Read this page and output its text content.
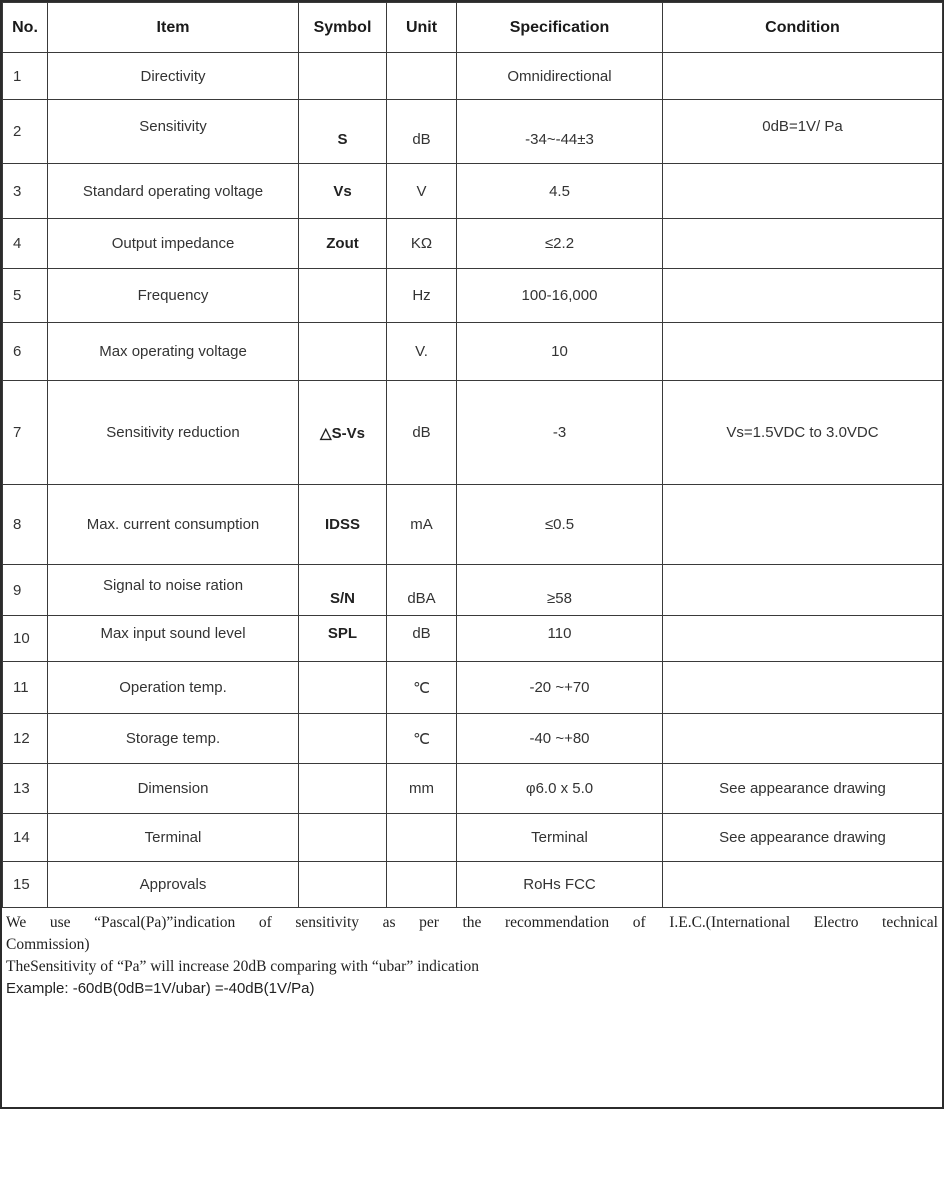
No.	Item	Symbol	Unit	Specification	Condition
1	Directivity			Omnidirectional	
2	Sensitivity	S	dB	-34~-44±3	0dB=1V/ Pa
3	Standard operating voltage	Vs	V	4.5	
4	Output impedance	Zout	KΩ	≤2.2	
5	Frequency		Hz	100-16,000	
6	Max operating voltage		V.	10	
7	Sensitivity reduction	△S-Vs	dB	-3	Vs=1.5VDC to 3.0VDC
8	Max. current consumption	IDSS	mA	≤0.5	
9	Signal to noise ration	S/N	dBA	≥58	
10	Max input sound level	SPL	dB	110	
11	Operation temp.		℃	-20 ~+70	
12	Storage temp.		℃	-40 ~+80	
13	Dimension		mm	φ6.0 x 5.0	See appearance drawing
14	Terminal			Terminal	See appearance drawing
15	Approvals			RoHs FCC	
We use “Pascal(Pa)”indication of sensitivity as per the recommendation of I.E.C.(International Electro technical
Commission)
TheSensitivity of “Pa” will increase 20dB comparing with “ubar” indication
Example: -60dB(0dB=1V/ubar) =-40dB(1V/Pa)
